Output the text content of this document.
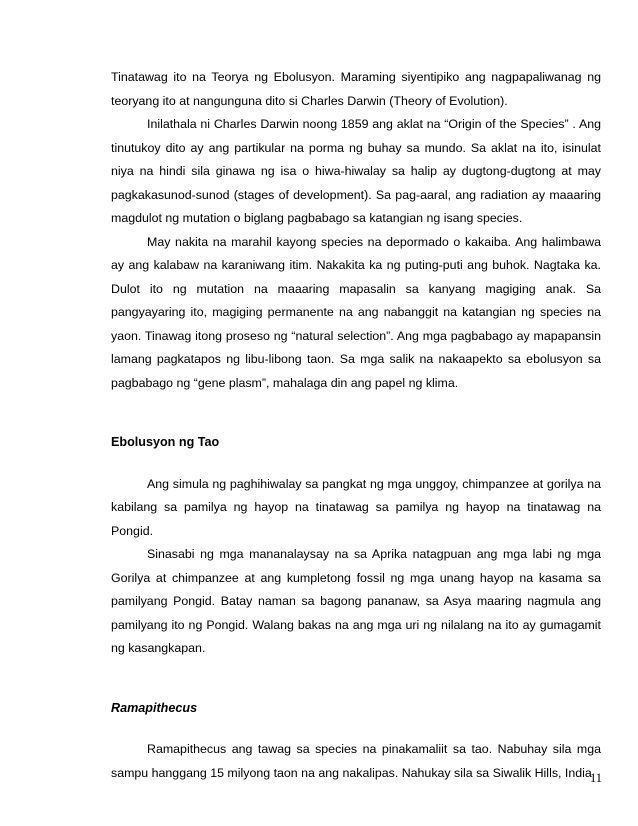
Tinatawag ito na Teorya ng Ebolusyon. Maraming siyentipiko ang nagpapaliwanag ng teoryang ito at nangunguna dito si Charles Darwin (Theory of Evolution).

Inilathala ni Charles Darwin noong 1859 ang aklat na “Origin of the Species” . Ang tinutukoy dito ay ang partikular na porma ng buhay sa mundo. Sa aklat na ito, isinulat niya na hindi sila ginawa ng isa o hiwa-hiwalay sa halip ay dugtong-dugtong at may pagkakasunod-sunod (stages of development). Sa pag-aaral, ang radiation ay maaaring magdulot ng mutation o biglang pagbabago sa katangian ng isang species.

May nakita na marahil kayong species na depormado o kakaiba. Ang halimbawa ay ang kalabaw na karaniwang itim. Nakakita ka ng puting-puti ang buhok. Nagtaka ka. Dulot ito ng mutation na maaaring mapasalin sa kanyang magiging anak. Sa pangyayaring ito, magiging permanente na ang nabanggit na katangian ng species na yaon. Tinawag itong proseso ng “natural selection”. Ang mga pagbabago ay mapapansin lamang pagkatapos ng libu-libong taon. Sa mga salik na nakaapekto sa ebolusyon sa pagbabago ng “gene plasm”, mahalaga din ang papel ng klima.

Ebolusyon ng Tao

Ang simula ng paghihiwalay sa pangkat ng mga unggoy, chimpanzee at gorilya na kabilang sa pamilya ng hayop na tinatawag sa pamilya ng hayop na tinatawag na Pongid.

Sinasabi ng mga mananalaysay na sa Aprika natagpuan ang mga labi ng mga Gorilya at chimpanzee at ang kumpletong fossil ng mga unang hayop na kasama sa pamilyang Pongid. Batay naman sa bagong pananaw, sa Asya maaring nagmula ang pamilyang ito ng Pongid. Walang bakas na ang mga uri ng nilalang na ito ay gumagamit ng kasangkapan.

Ramapithecus

Ramapithecus ang tawag sa species na pinakamaliit sa tao. Nabuhay sila mga sampu hanggang 15 milyong taon na ang nakalipas. Nahukay sila sa Siwalik Hills, India

11
